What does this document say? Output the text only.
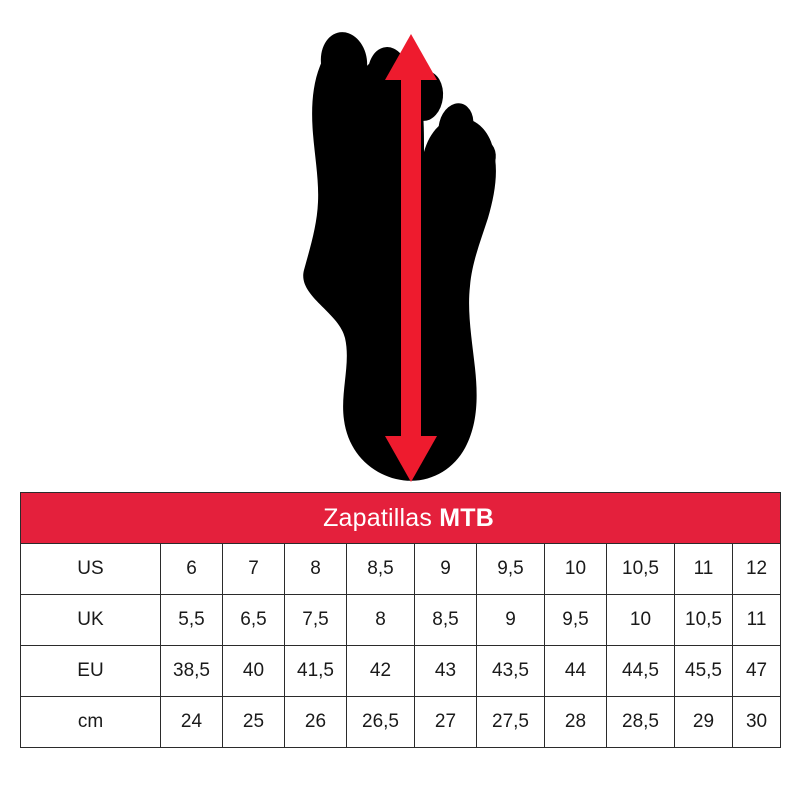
Zapatillas MTB										

US	6	7	8	8,5	9	9,5	10	10,5	11	12
UK	5,5	6,5	7,5	8	8,5	9	9,5	10	10,5	11
EU	38,5	40	41,5	42	43	43,5	44	44,5	45,5	47
cm	24	25	26	26,5	27	27,5	28	28,5	29	30
